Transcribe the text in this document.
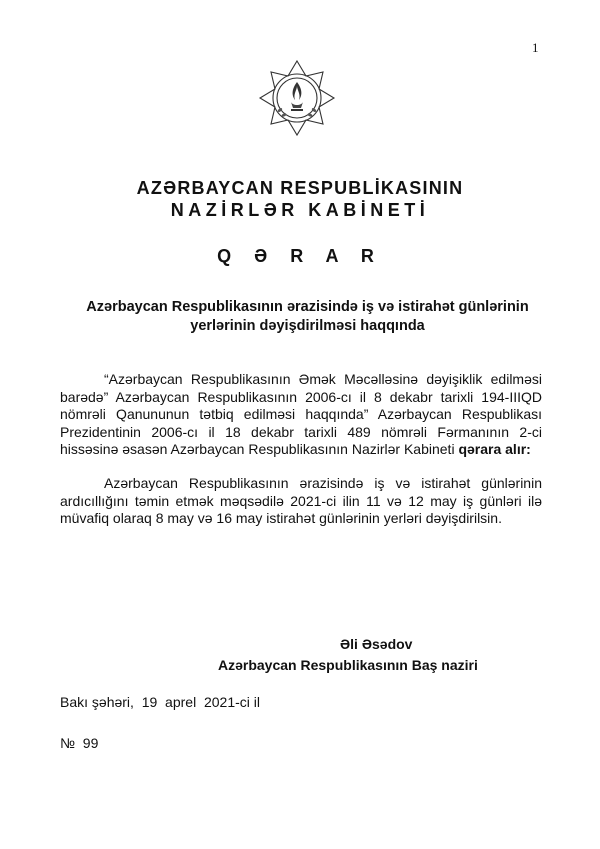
1
AZƏRBAYCAN RESPUBLİKASININ
NAZİRLƏR KABİNETİ
Q Ə R A R
Azərbaycan Respublikasının ərazisində iş və istirahət günlərinin
yerlərinin dəyişdirilməsi haqqında
“Azərbaycan Respublikasının Əmək Məcəlləsinə dəyişiklik edilməsi barədə” Azərbaycan Respublikasının 2006-cı il 8 dekabr tarixli 194-IIIQD nömrəli Qanununun tətbiq edilməsi haqqında” Azərbaycan Respublikası Prezidentinin 2006-cı il 18 dekabr tarixli 489 nömrəli Fərmanının 2-ci hissəsinə əsasən Azərbaycan Respublikasının Nazirlər Kabineti qərara alır:
Azərbaycan Respublikasının ərazisində iş və istirahət günlərinin ardıcıllığını təmin etmək məqsədilə 2021-ci ilin 11 və 12 may iş günləri ilə müvafiq olaraq 8 may və 16 may istirahət günlərinin yerləri dəyişdirilsin.
Əli Əsədov
Azərbaycan Respublikasının Baş naziri
Bakı şəhəri,  19  aprel  2021-ci il
№  99
